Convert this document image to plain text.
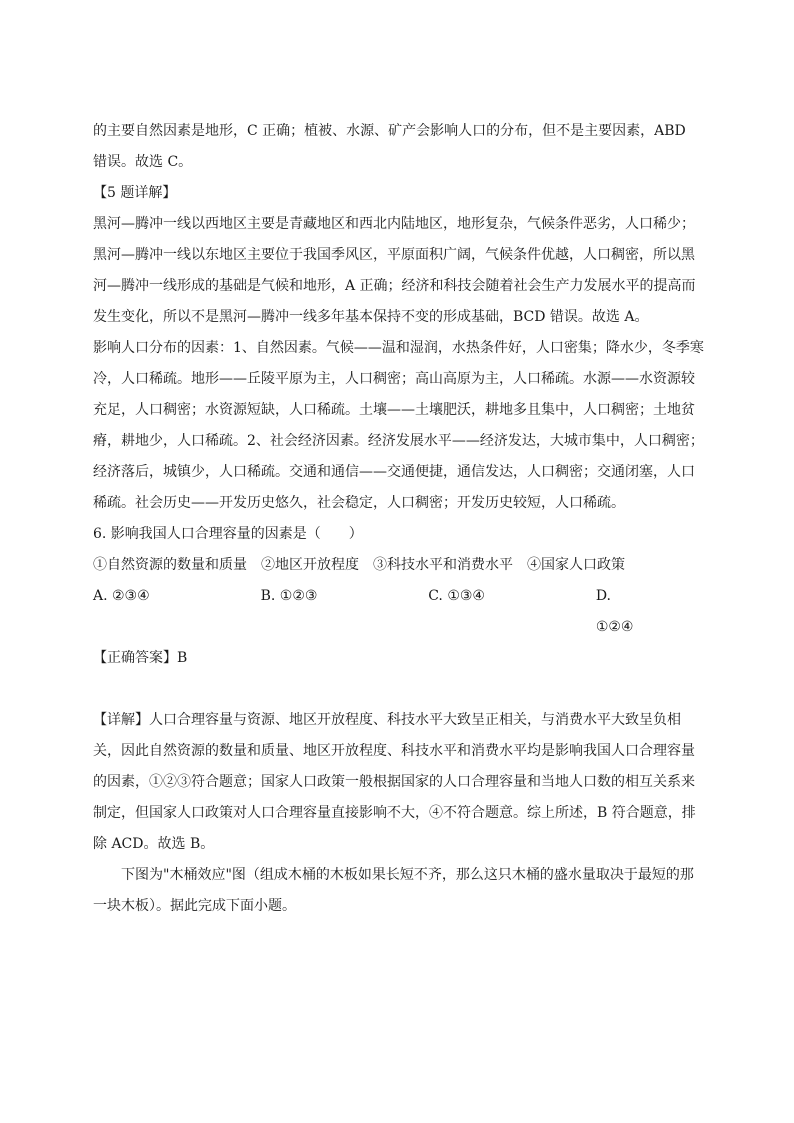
的主要自然因素是地形，C 正确；植被、水源、矿产会影响人口的分布，但不是主要因素，ABD

错误。故选 C。

【5 题详解】

黑河—腾冲一线以西地区主要是青藏地区和西北内陆地区，地形复杂，气候条件恶劣，人口稀少；黑河—腾冲一线以东地区主要位于我国季风区，平原面积广阔，气候条件优越，人口稠密，所以黑河—腾冲一线形成的基础是气候和地形，A 正确；经济和科技会随着社会生产力发展水平的提高而发生变化，所以不是黑河—腾冲一线多年基本保持不变的形成基础，BCD 错误。故选 A。

影响人口分布的因素：1、自然因素。气候——温和湿润，水热条件好，人口密集；降水少，冬季寒冷，人口稀疏。地形——丘陵平原为主，人口稠密；高山高原为主，人口稀疏。水源——水资源较充足，人口稠密；水资源短缺，人口稀疏。土壤——土壤肥沃，耕地多且集中，人口稠密；土地贫瘠，耕地少，人口稀疏。2、社会经济因素。经济发展水平——经济发达，大城市集中，人口稠密；经济落后，城镇少，人口稀疏。交通和通信——交通便捷，通信发达，人口稠密；交通闭塞，人口稀疏。社会历史——开发历史悠久，社会稳定，人口稠密；开发历史较短，人口稀疏。

6. 影响我国人口合理容量的因素是（　　）

①自然资源的数量和质量　②地区开放程度　③科技水平和消费水平　④国家人口政策

A. ②③④	B. ①②③	C. ①③④	D. ①②④

【正确答案】B

【详解】人口合理容量与资源、地区开放程度、科技水平大致呈正相关，与消费水平大致呈负相关，因此自然资源的数量和质量、地区开放程度、科技水平和消费水平均是影响我国人口合理容量的因素，①②③符合题意；国家人口政策一般根据国家的人口合理容量和当地人口数的相互关系来制定，但国家人口政策对人口合理容量直接影响不大，④不符合题意。综上所述，B 符合题意，排除 ACD。故选 B。

下图为"木桶效应"图（组成木桶的木板如果长短不齐，那么这只木桶的盛水量取决于最短的那一块木板）。据此完成下面小题。
